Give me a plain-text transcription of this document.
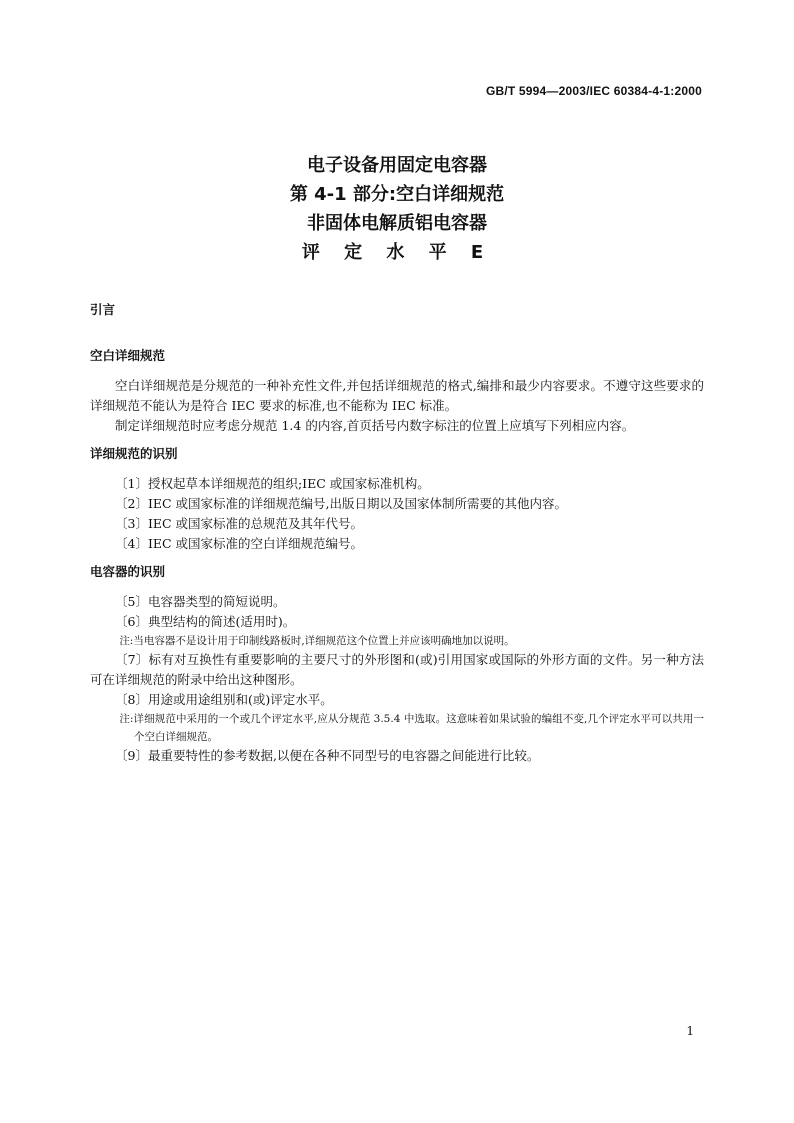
GB/T 5994—2003/IEC 60384-4-1:2000
电子设备用固定电容器
第 4-1 部分:空白详细规范
非固体电解质铝电容器
评 定 水 平 E

引言

空白详细规范

空白详细规范是分规范的一种补充性文件,并包括详细规范的格式,编排和最少内容要求。不遵守这些要求的详细规范不能认为是符合 IEC 要求的标准,也不能称为 IEC 标准。

制定详细规范时应考虑分规范 1.4 的内容,首页括号内数字标注的位置上应填写下列相应内容。

详细规范的识别

〔1〕授权起草本详细规范的组织;IEC 或国家标准机构。

〔2〕IEC 或国家标准的详细规范编号,出版日期以及国家体制所需要的其他内容。

〔3〕IEC 或国家标准的总规范及其年代号。

〔4〕IEC 或国家标准的空白详细规范编号。

电容器的识别

〔5〕电容器类型的简短说明。

〔6〕典型结构的简述(适用时)。

注:当电容器不是设计用于印制线路板时,详细规范这个位置上并应该明确地加以说明。

〔7〕标有对互换性有重要影响的主要尺寸的外形图和(或)引用国家或国际的外形方面的文件。另一种方法可在详细规范的附录中给出这种图形。

〔8〕用途或用途组别和(或)评定水平。

注:详细规范中采用的一个或几个评定水平,应从分规范 3.5.4 中选取。这意味着如果试验的编组不变,几个评定水平可以共用一个空白详细规范。

〔9〕最重要特性的参考数据,以便在各种不同型号的电容器之间能进行比较。

1
